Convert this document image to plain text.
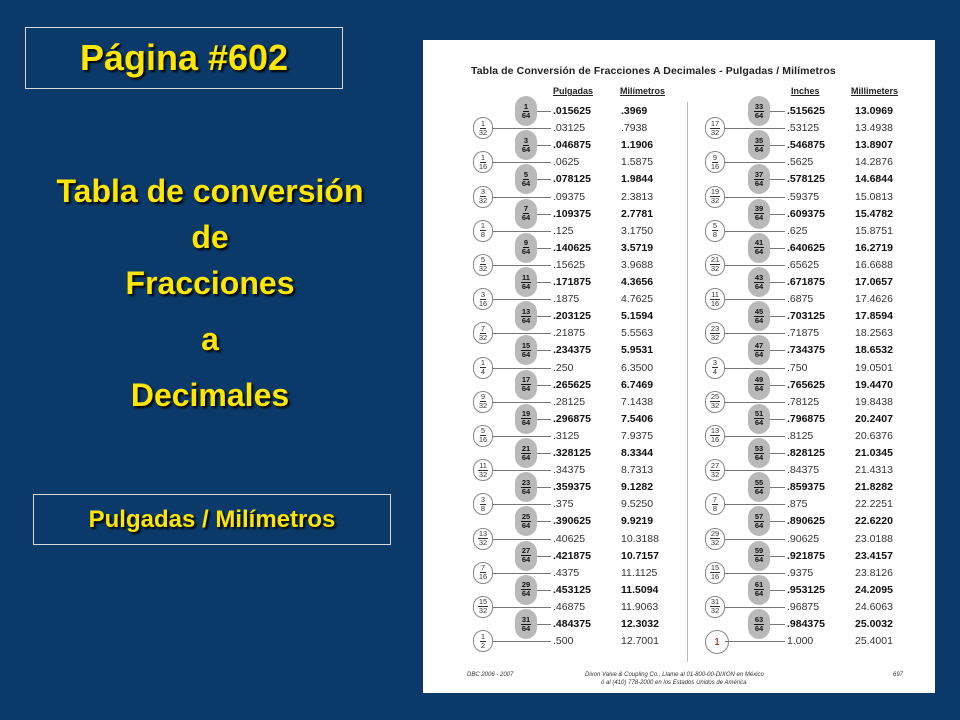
Página #602
Tabla de conversión
de
Fracciones
a
Decimales
Pulgadas / Milímetros
Tabla de Conversión de Fracciones A Decimales - Pulgadas / Milímetros
Pulgadas	Milímetros	Inches	Millimeters
DBC 2006 - 2007	Dixon Valve & Coupling Co., Llame al 01-800-00-DIXON en México
ó al (410) 778-2000 en los Estados Unidos de América
697
$\frac{1}{64} .015625$	.3969
$\frac{1}{32}$	.03125	.7938
$\frac{3}{64} .046875$	1.1906
$\frac{1}{16}$	.0625	1.5875
$\frac{5}{64} .078125$	1.9844
$\frac{3}{32}$	.09375	2.3813
$\frac{7}{64} .109375$	2.7781
$\frac{1}{8}$	.125	3.1750
$\frac{9}{64} .140625$	3.5719
$\frac{5}{32}$	.15625	3.9688
$\frac{11}{64} .171875$	4.3656
$\frac{3}{16}$	.1875	4.7625
$\frac{13}{64} .203125$	5.1594
$\frac{7}{32}$	.21875	5.5563
$\frac{15}{64} .234375$	5.9531
$\frac{1}{4}$	.250	6.3500
$\frac{17}{64} .265625$	6.7469
$\frac{9}{32}$	.28125	7.1438
$\frac{19}{64} .296875$	7.5406
$\frac{5}{16}$	.3125	7.9375
$\frac{21}{64} .328125$	8.3344
$\frac{11}{32}$	.34375	8.7313
$\frac{23}{64} .359375$	9.1282
$\frac{3}{8}$	.375	9.5250
$\frac{25}{64} .390625$	9.9219
$\frac{13}{32}$	.40625	10.3188
$\frac{27}{64} .421875$	10.7157
$\frac{7}{16}$	.4375	11.1125
$\frac{29}{64} .453125$	11.5094
$\frac{15}{32}$	.46875	11.9063
$\frac{31}{64} .484375$	12.3032
$\frac{1}{2}$	.500	12.7001
$\frac{33}{64} .515625$	13.0969
$\frac{17}{32}$	.53125	13.4938
$\frac{35}{64} .546875$	13.8907
$\frac{9}{16}$	.5625	14.2876
$\frac{37}{64} .578125$	14.6844
$\frac{19}{32}$	.59375	15.0813
$\frac{39}{64} .609375$	15.4782
$\frac{5}{8}$	.625	15.8751
$\frac{41}{64} .640625$	16.2719
$\frac{21}{32}$	.65625	16.6688
$\frac{43}{64} .671875$	17.0657
$\frac{11}{16}$	.6875	17.4626
$\frac{45}{64} .703125$	17.8594
$\frac{23}{32}$	.71875	18.2563
$\frac{47}{64} .734375$	18.6532
$\frac{3}{4}$	.750	19.0501
$\frac{49}{64} .765625$	19.4470
$\frac{25}{32}$	.78125	19.8438
$\frac{51}{64} .796875$	20.2407
$\frac{13}{16}$	.8125	20.6376
$\frac{53}{64} .828125$	21.0345
$\frac{27}{32}$	.84375	21.4313
$\frac{55}{64} .859375$	21.8282
$\frac{7}{8}$	.875	22.2251
$\frac{57}{64} .890625$	22.6220
$\frac{29}{32}$	.90625	23.0188
$\frac{59}{64} .921875$	23.4157
$\frac{15}{16}$	.9375	23.8126
$\frac{61}{64} .953125$	24.2095
$\frac{31}{32}$	.96875	24.6063
$\frac{63}{64} .984375$	25.0032
1	1.000	25.4001
